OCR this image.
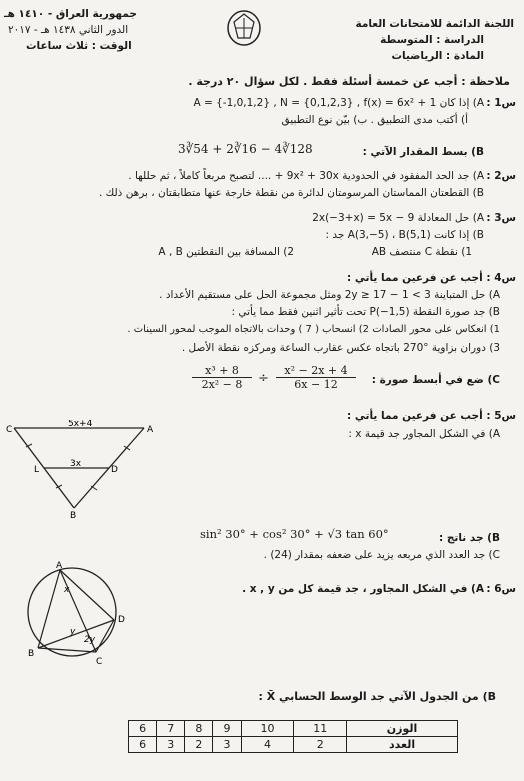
اللجنة الدائمة للامتحانات العامة
الدراسة : المتوسطة
المادة : الرياضيات
جمهورية العراق - ١٤١٠ هـ
الدور الثاني ١٤٣٨ هـ - ٢٠١٧
الوقت : ثلاث ساعات
ملاحظة : أجب عن خمسة أسئلة فقط . لكل سؤال ٢٠ درجة .
س1 :
A) إذا كان A = {-1,0,1,2} , N = {0,1,2,3} , f(x) = 6x² + 1
أ) أكتب مدى التطبيق . ب) بيّن نوع التطبيق
B) بسط المقدار الآتي :
3∛54 + 2∛16 − 4∛128
س2 :
A) جد الحد المفقود في الحدودية 9x² + 30x + .... لتصبح مربعاً كاملاً ، ثم حللها .
B) القطعتان المماستان المرسومتان لدائرة من نقطة خارجة عنها متطابقتان ، برهن ذلك .
س3 :
A) حل المعادلة 2x(−3+x) = 5x − 9
B) إذا كانت A(3,−5) ، B(5,1) جد :
1) نقطة C منتصف AB
2) المسافة بين النقطتين A , B
س4 : أجب عن فرعين مما يأتي :
A) حل المتباينة 3 > 1 − 2y ≥ 17 ومثل مجموعة الحل على مستقيم الأعداد .
B) جد صورة النقطة (1,5−)P تحت تأثير اثنين فقط مما يأتي :
1) انعكاس على محور الصادات 2) انسحاب ( 7 ) وحدات بالاتجاه الموجب لمحور السينات .
3) دوران بزاوية °270 باتجاه عكس عقارب الساعة ومركزه نقطة الأصل .
C) ضع في أبسط صورة :
$\frac{\text{x³ + 8}}{\text{2x² − 8}} \div \frac{\text{x² − 2x + 4}}{6x - 12}$
س5 : أجب عن فرعين مما يأتي :
A) في الشكل المجاور جد قيمة x :
C	A
L	D
B
5x+4
3x
B) جد ناتج :
sin² 30° + cos² 30° + √3 tan 60°
C) جد العدد الذي مربعه يزيد على ضعفه بمقدار (24) .
س6 :
A) في الشكل المجاور ، جد قيمة كل من x , y .
A
B
C
D
x
y
2y
B) من الجدول الآتي جد الوسط الحسابي X̄ :
الوزن	11	10	9	8	7	6
العدد	2	4	3	2	3	6
